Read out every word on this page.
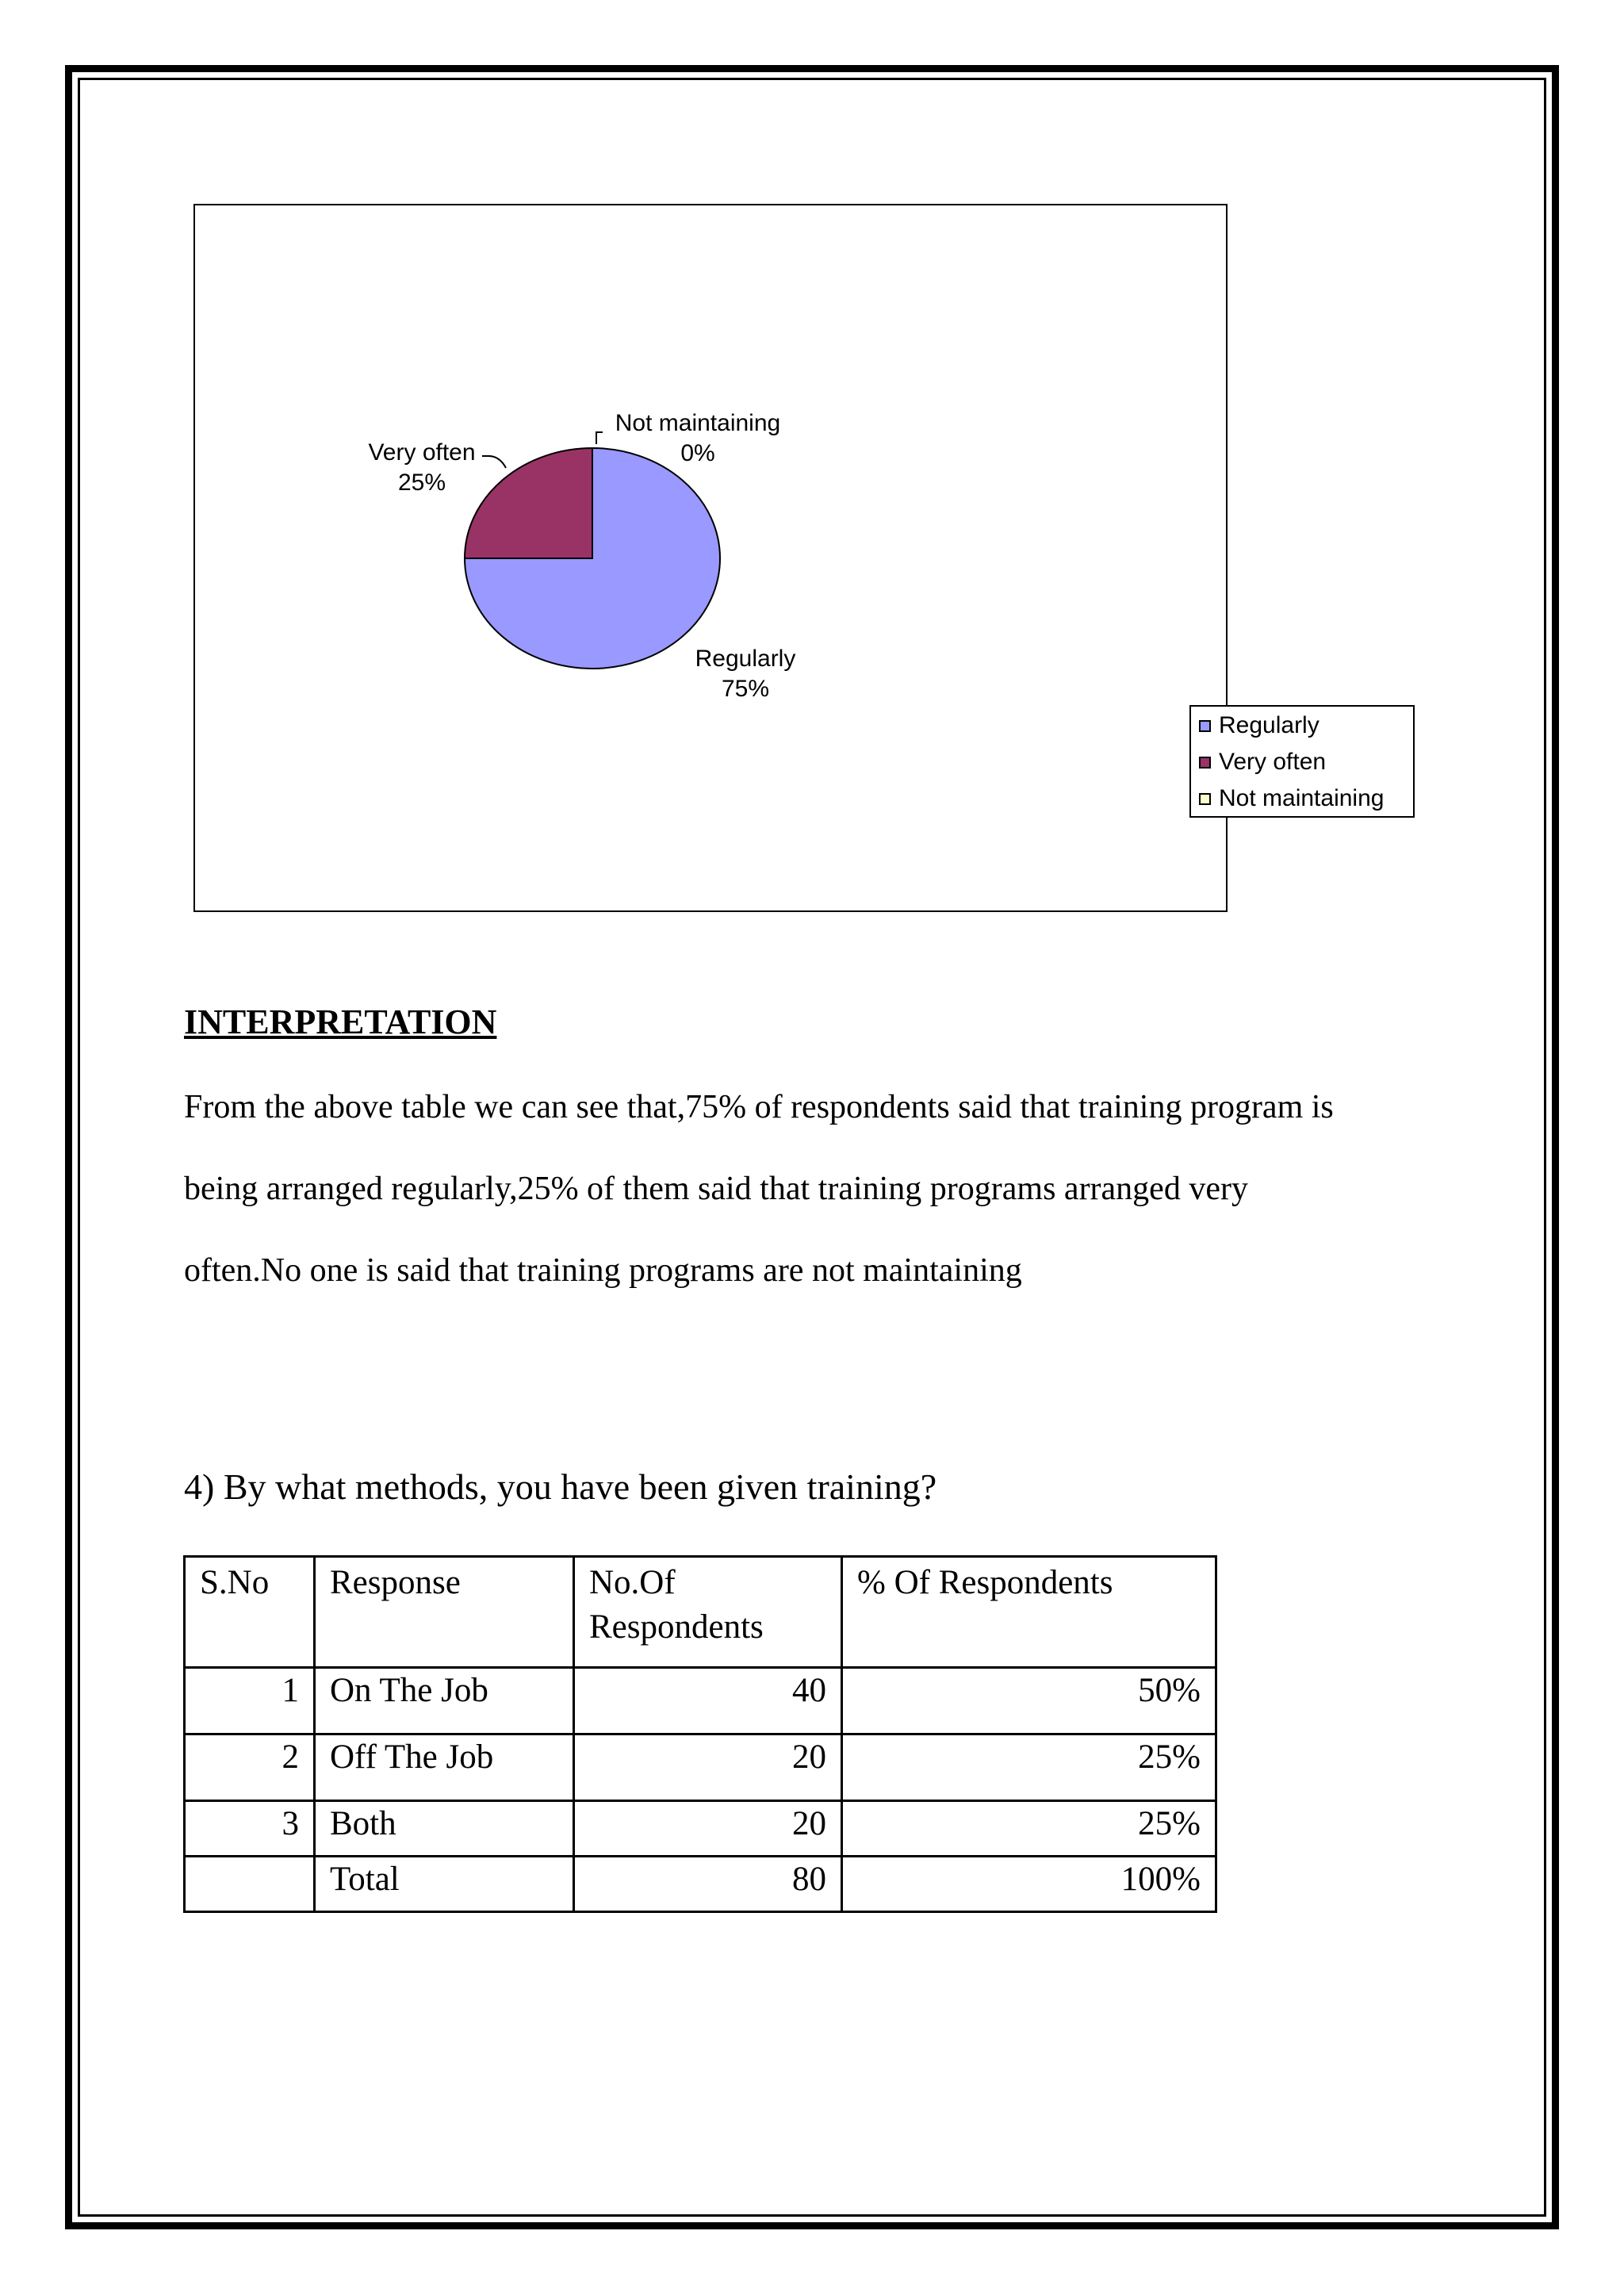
Very often
25%
Not maintaining
0%
Regularly
75%
Regularly
Very often
Not maintaining
INTERPRETATION
From the above table we can see that,75% of respondents said that training program is
being arranged regularly,25% of them said that training programs arranged very
often.No one is said that training programs are not maintaining
4) By what methods, you have been given training?
S.No	Response	No.Of Respondents	% Of Respondents
1	On The Job	40	50%
2	Off The Job	20	25%
3	Both	20	25%
	Total	80	100%
